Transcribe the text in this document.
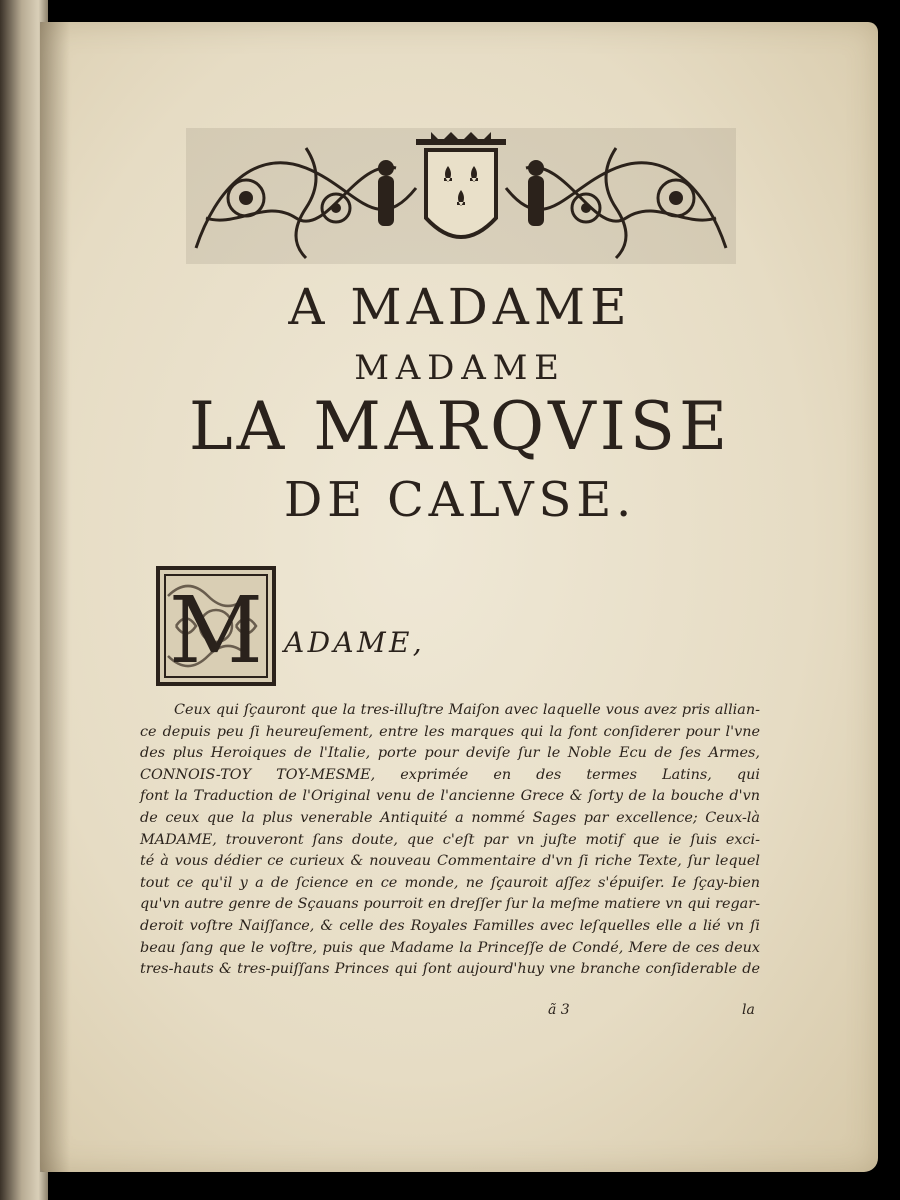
A MADAME
MADAME
LA MARQVISE
DE CALVSE.
M ADAME,
Ceux qui ſçauront que la tres-illuſtre Maiſon avec laquelle vous avez pris allian-
ce depuis peu ſi heureuſement, entre les marques qui la font conſiderer pour l'vne
des plus Heroiques de l'Italie, porte pour deviſe ſur le Noble Ecu de ſes Armes,
CONNOIS-TOY TOY-MESME, exprimée en des termes Latins, qui
font la Traduction de l'Original venu de l'ancienne Grece & ſorty de la bouche d'vn
de ceux que la plus venerable Antiquité a nommé Sages par excellence; Ceux-là
MADAME, trouveront ſans doute, que c'eſt par vn juſte motif que ie ſuis exci-
té à vous dédier ce curieux & nouveau Commentaire d'vn ſi riche Texte, ſur lequel
tout ce qu'il y a de ſcience en ce monde, ne ſçauroit aſſez s'épuiſer. Ie ſçay-bien
qu'vn autre genre de Sçauans pourroit en dreſſer ſur la meſme matiere vn qui regar-
deroit voſtre Naiſſance, & celle des Royales Familles avec leſquelles elle a lié vn ſi
beau ſang que le voſtre, puis que Madame la Princeſſe de Condé, Mere de ces deux
tres-hauts & tres-puiſſans Princes qui ſont aujourd'huy vne branche conſiderable de
ã 3	la
